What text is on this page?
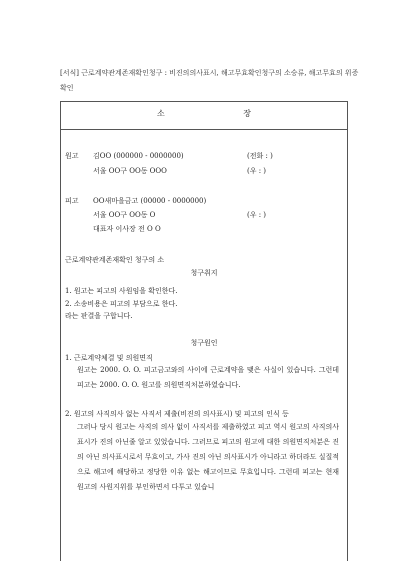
[서식] 근로계약관계존재확인청구 : 비진의의사표시, 해고무효확인청구의 소승류, 해고무효의 위증확인
소 장
원고 김OO (000000 - 0000000)	(전화 : )
서울 OO구 OO동 OOO	(우 : )
피고 OO새마을금고 (00000 - 0000000)
서울 OO구 OO동 O	(우 : )
대표자 이사장 전 O O
근로계약관계존재확인 청구의 소
청구취지
1. 원고는 피고의 사원임을 확인한다.
2. 소송비용은 피고의 부담으로 한다.
라는 판결을 구합니다.
청구원인
1. 근로계약체결 및 의원면직
원고는 2000. O. O. 피고금고와의 사이에 근로계약을 맺은 사실이 있습니다. 그런데 피고는 2000. O. O. 원고를 의원면직처분하였습니다.
2. 원고의 사직의사 없는 사직서 제출(비진의 의사표시) 및 피고의 인식 등
그러나 당시 원고는 사직의 의사 없이 사직서를 제출하였고 피고 역시 원고의 사직의사표시가 진의 아닌줄 알고 있었습니다. 그러므로 피고의 원고에 대한 의원면직처분은 진의 아닌 의사표시로서 무효이고, 가사 진의 아닌 의사표시가 아니라고 하더라도 실질적으로 해고에 해당하고 정당한 이유 없는 해고이므로 무효입니다. 그런데 피고는 현재 원고의 사원지위를 부인하면서 다투고 있습니
